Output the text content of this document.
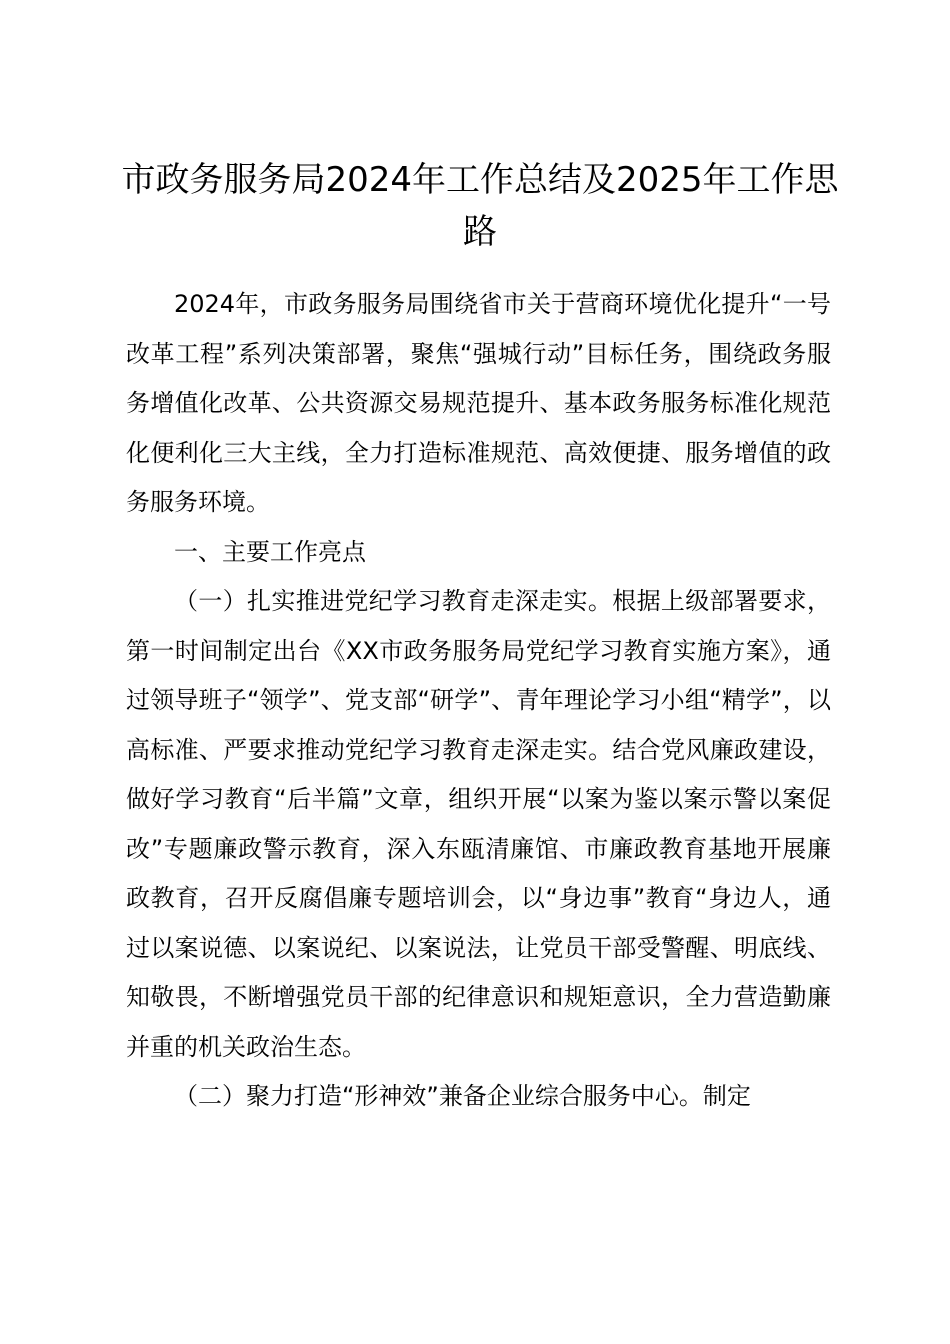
市政务服务局2024年工作总结及2025年工作思路

2024年，市政务服务局围绕省市关于营商环境优化提升“一号改革工程”系列决策部署，聚焦“强城行动”目标任务，围绕政务服务增值化改革、公共资源交易规范提升、基本政务服务标准化规范化便利化三大主线，全力打造标准规范、高效便捷、服务增值的政务服务环境。

一、主要工作亮点

（一）扎实推进党纪学习教育走深走实。根据上级部署要求，第一时间制定出台《XX市政务服务局党纪学习教育实施方案》，通过领导班子“领学”、党支部“研学”、青年理论学习小组“精学”，以高标准、严要求推动党纪学习教育走深走实。结合党风廉政建设，做好学习教育“后半篇”文章，组织开展“以案为鉴以案示警以案促改”专题廉政警示教育，深入东瓯清廉馆、市廉政教育基地开展廉政教育，召开反腐倡廉专题培训会，以“身边事”教育“身边人，通过以案说德、以案说纪、以案说法，让党员干部受警醒、明底线、知敬畏，不断增强党员干部的纪律意识和规矩意识，全力营造勤廉并重的机关政治生态。

（二）聚力打造“形神效”兼备企业综合服务中心。制定
